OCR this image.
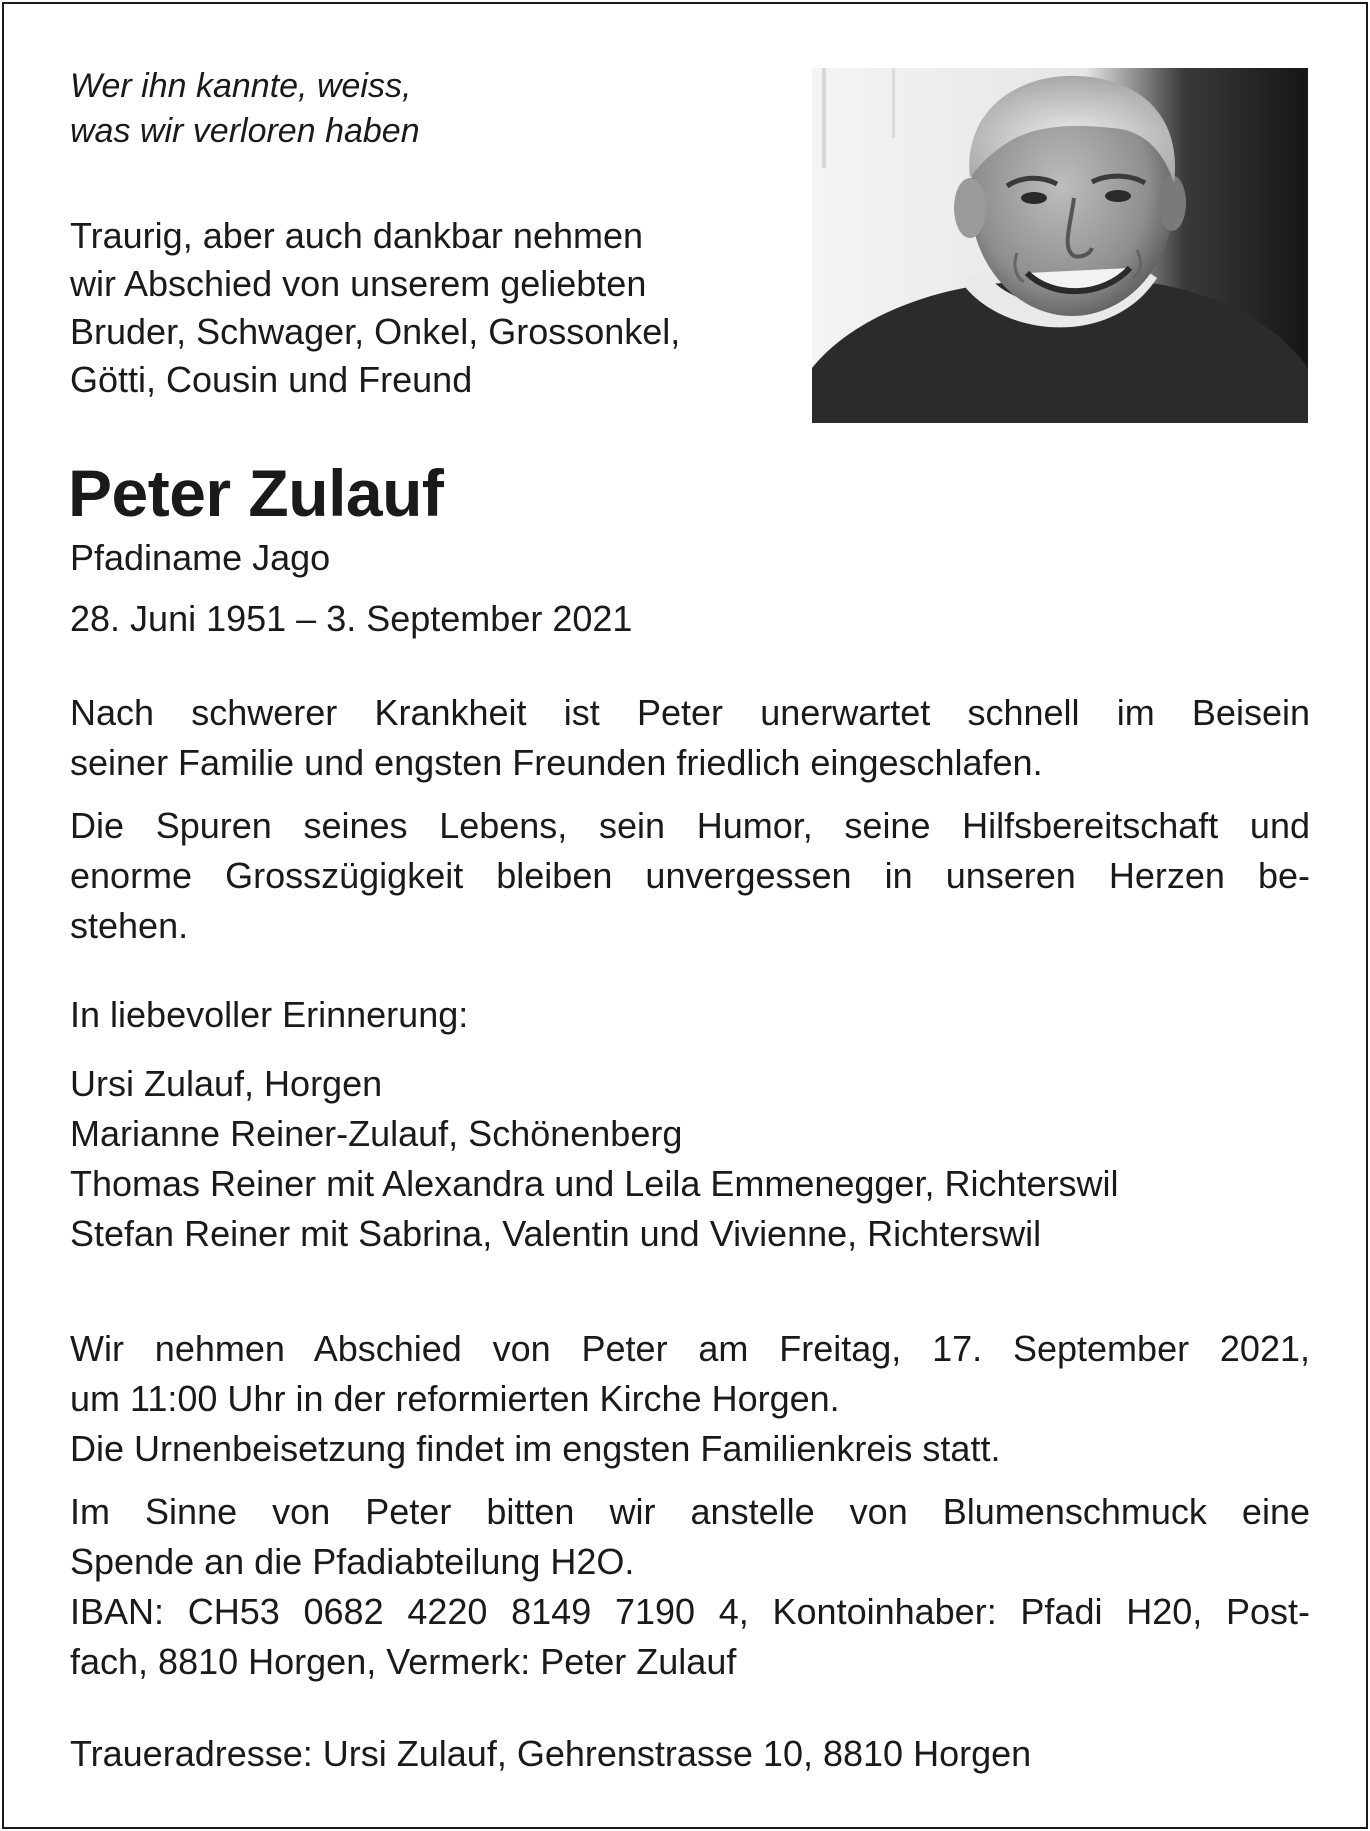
Wer ihn kannte, weiss,
was wir verloren haben

Traurig, aber auch dankbar nehmen
wir Abschied von unserem geliebten
Bruder, Schwager, Onkel, Grossonkel,
Götti, Cousin und Freund

Peter Zulauf

Pfadiname Jago

28. Juni 1951 – 3. September 2021

Nach schwerer Krankheit ist Peter unerwartet schnell im Beisein
seiner Familie und engsten Freunden friedlich eingeschlafen.

Die Spuren seines Lebens, sein Humor, seine Hilfsbereitschaft und
enorme Grosszügigkeit bleiben unvergessen in unseren Herzen be-
stehen.

In liebevoller Erinnerung:

Ursi Zulauf, Horgen
Marianne Reiner-Zulauf, Schönenberg
Thomas Reiner mit Alexandra und Leila Emmenegger, Richterswil
Stefan Reiner mit Sabrina, Valentin und Vivienne, Richterswil

Wir nehmen Abschied von Peter am Freitag, 17. September 2021,
um 11:00 Uhr in der reformierten Kirche Horgen.
Die Urnenbeisetzung findet im engsten Familienkreis statt.

Im Sinne von Peter bitten wir anstelle von Blumenschmuck eine
Spende an die Pfadiabteilung H2O.
IBAN: CH53 0682 4220 8149 7190 4, Kontoinhaber: Pfadi H20, Post-
fach, 8810 Horgen, Vermerk: Peter Zulauf

Traueradresse: Ursi Zulauf, Gehrenstrasse 10, 8810 Horgen
